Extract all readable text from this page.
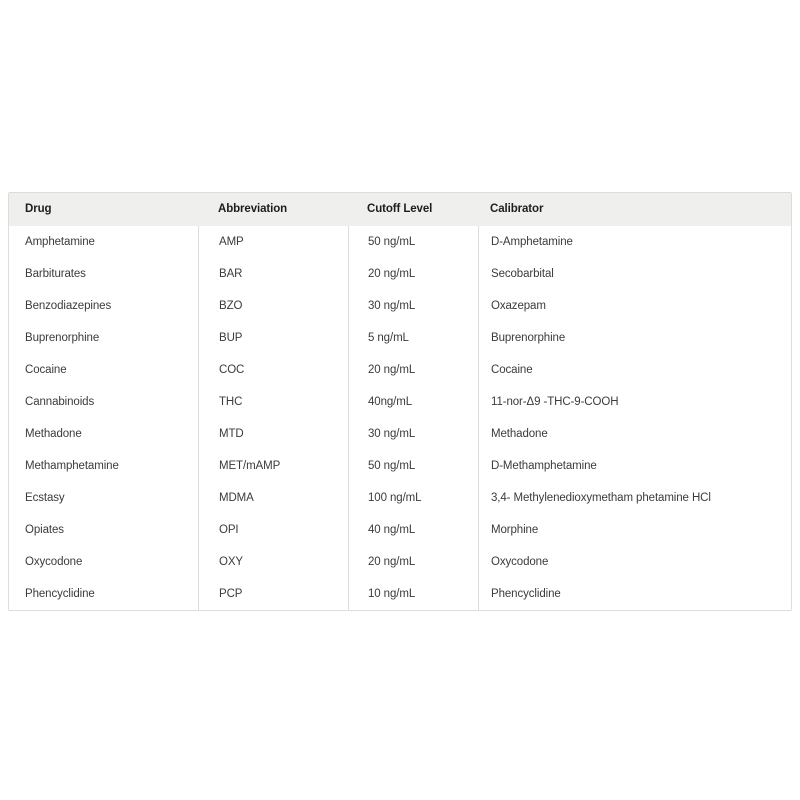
Drug	Abbreviation	Cutoff Level	Calibrator
Amphetamine	AMP	50 ng/mL	D-Amphetamine
Barbiturates	BAR	20 ng/mL	Secobarbital
Benzodiazepines	BZO	30 ng/mL	Oxazepam
Buprenorphine	BUP	5 ng/mL	Buprenorphine
Cocaine	COC	20 ng/mL	Cocaine
Cannabinoids	THC	40ng/mL	11-nor-Δ9 -THC-9-COOH
Methadone	MTD	30 ng/mL	Methadone
Methamphetamine	MET/mAMP	50 ng/mL	D-Methamphetamine
Ecstasy	MDMA	100 ng/mL	3,4- Methylenedioxymetham phetamine HCl
Opiates	OPI	40 ng/mL	Morphine
Oxycodone	OXY	20 ng/mL	Oxycodone
Phencyclidine	PCP	10 ng/mL	Phencyclidine
